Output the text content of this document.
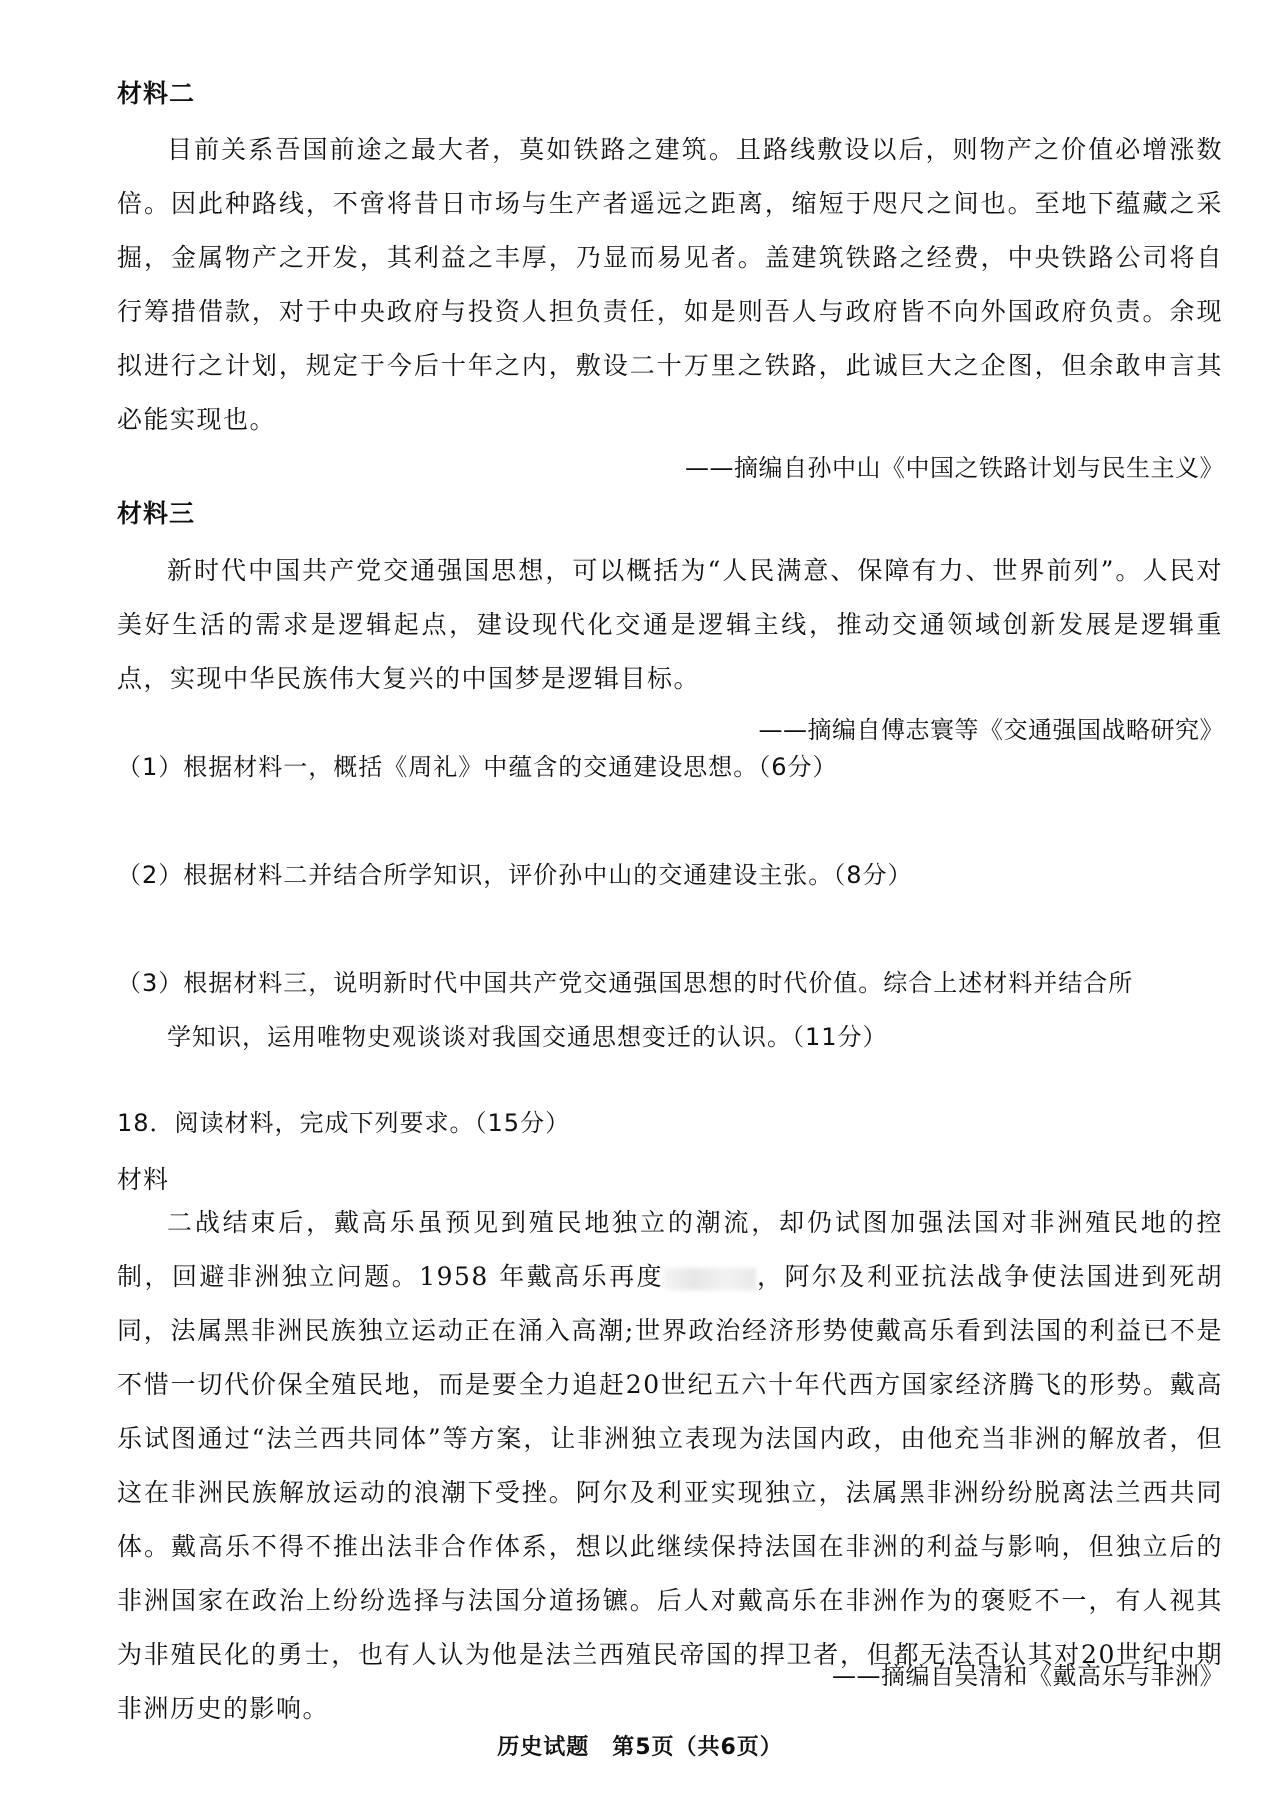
材料二

目前关系吾国前途之最大者，莫如铁路之建筑。且路线敷设以后，则物产之价值必增涨数倍。因此种路线，不啻将昔日市场与生产者遥远之距离，缩短于咫尺之间也。至地下蕴藏之采掘，金属物产之开发，其利益之丰厚，乃显而易见者。盖建筑铁路之经费，中央铁路公司将自行筹措借款，对于中央政府与投资人担负责任，如是则吾人与政府皆不向外国政府负责。余现拟进行之计划，规定于今后十年之内，敷设二十万里之铁路，此诚巨大之企图，但余敢申言其必能实现也。

——摘编自孙中山《中国之铁路计划与民生主义》
材料三

新时代中国共产党交通强国思想，可以概括为“人民满意、保障有力、世界前列”。人民对美好生活的需求是逻辑起点，建设现代化交通是逻辑主线，推动交通领域创新发展是逻辑重点，实现中华民族伟大复兴的中国梦是逻辑目标。

——摘编自傅志寰等《交通强国战略研究》
（1）根据材料一，概括《周礼》中蕴含的交通建设思想。（6分）
（2）根据材料二并结合所学知识，评价孙中山的交通建设主张。（8分）
（3）根据材料三，说明新时代中国共产党交通强国思想的时代价值。综合上述材料并结合所
学知识，运用唯物史观谈谈对我国交通思想变迁的认识。（11分）
18．阅读材料，完成下列要求。（15分）
材料

二战结束后，戴高乐虽预见到殖民地独立的潮流，却仍试图加强法国对非洲殖民地的控制，回避非洲独立问题。1958 年戴高乐再度	，阿尔及利亚抗法战争使法国进到死胡同，法属黑非洲民族独立运动正在涌入高潮;世界政治经济形势使戴高乐看到法国的利益已不是不惜一切代价保全殖民地，而是要全力追赶20世纪五六十年代西方国家经济腾飞的形势。戴高乐试图通过“法兰西共同体”等方案，让非洲独立表现为法国内政，由他充当非洲的解放者，但这在非洲民族解放运动的浪潮下受挫。阿尔及利亚实现独立，法属黑非洲纷纷脱离法兰西共同体。戴高乐不得不推出法非合作体系，想以此继续保持法国在非洲的利益与影响，但独立后的非洲国家在政治上纷纷选择与法国分道扬镳。后人对戴高乐在非洲作为的褒贬不一，有人视其为非殖民化的勇士，也有人认为他是法兰西殖民帝国的捍卫者，但都无法否认其对20世纪中期非洲历史的影响。

——摘编自吴清和《戴高乐与非洲》
历史试题　第5页（共6页）
